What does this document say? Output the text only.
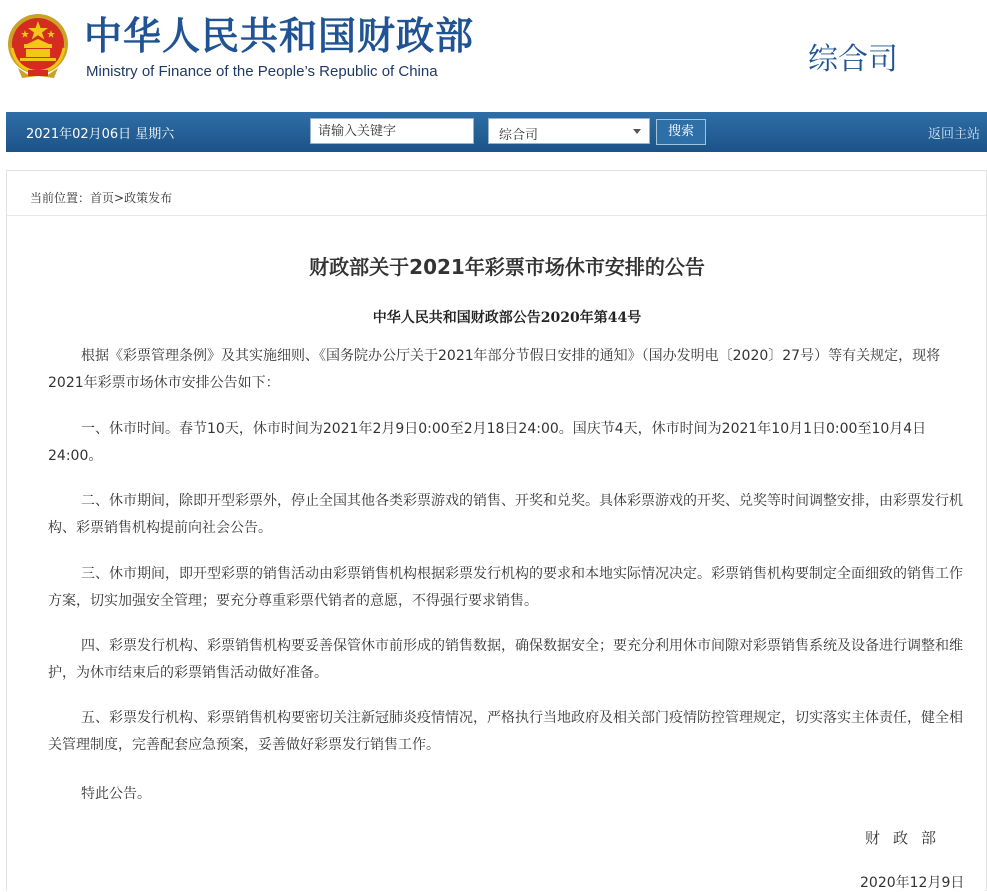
中华人民共和国财政部
Ministry of Finance of the People’s Republic of China	综合司
2021年02月06日 星期六
请输入关键字	综合司	搜索	返回主站
当前位置：首页>政策发布
财政部关于2021年彩票市场休市安排的公告
中华人民共和国财政部公告2020年第44号

根据《彩票管理条例》及其实施细则、《国务院办公厅关于2021年部分节假日安排的通知》（国办发明电〔2020〕27号）等有关规定，现将2021年彩票市场休市安排公告如下：

一、休市时间。春节10天，休市时间为2021年2月9日0:00至2月18日24:00。国庆节4天，休市时间为2021年10月1日0:00至10月4日24:00。

二、休市期间，除即开型彩票外，停止全国其他各类彩票游戏的销售、开奖和兑奖。具体彩票游戏的开奖、兑奖等时间调整安排，由彩票发行机构、彩票销售机构提前向社会公告。

三、休市期间，即开型彩票的销售活动由彩票销售机构根据彩票发行机构的要求和本地实际情况决定。彩票销售机构要制定全面细致的销售工作方案，切实加强安全管理；要充分尊重彩票代销者的意愿，不得强行要求销售。

四、彩票发行机构、彩票销售机构要妥善保管休市前形成的销售数据，确保数据安全；要充分利用休市间隙对彩票销售系统及设备进行调整和维护，为休市结束后的彩票销售活动做好准备。

五、彩票发行机构、彩票销售机构要密切关注新冠肺炎疫情情况，严格执行当地政府及相关部门疫情防控管理规定，切实落实主体责任，健全相关管理制度，完善配套应急预案，妥善做好彩票发行销售工作。

特此公告。
财政部
2020年12月9日
